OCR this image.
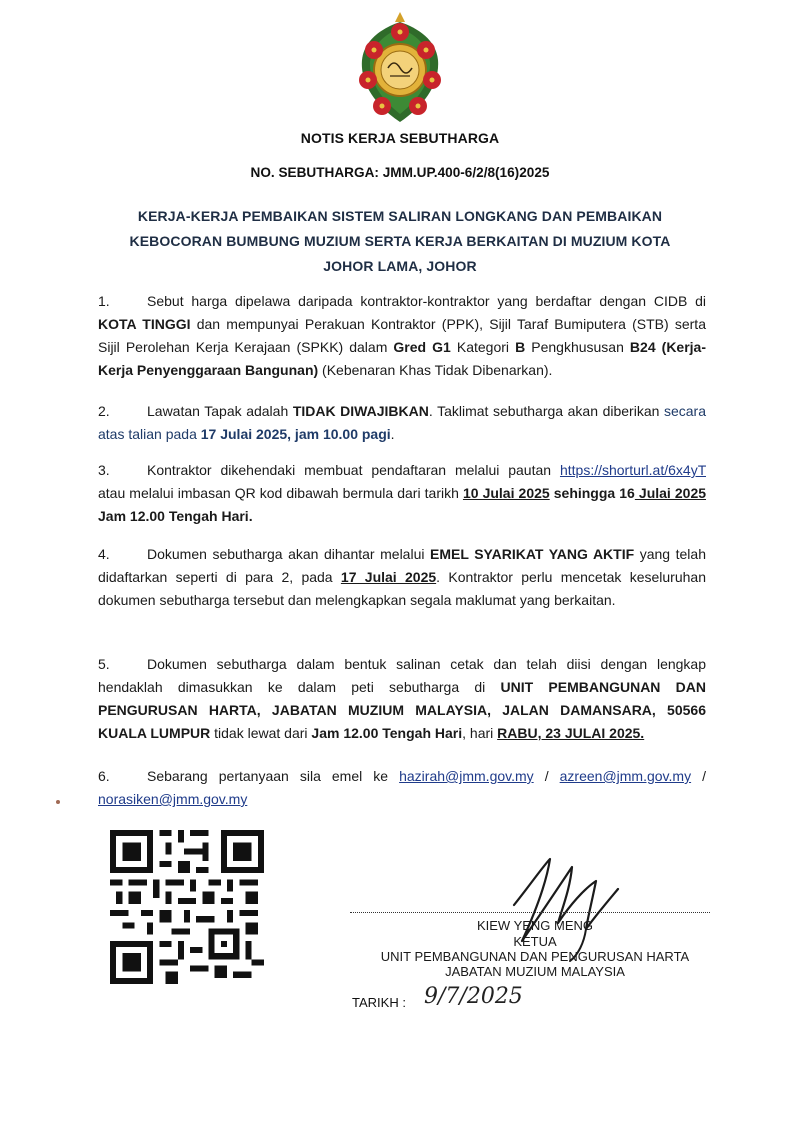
NOTIS KERJA SEBUTHARGA
NO. SEBUTHARGA: JMM.UP.400-6/2/8(16)2025
KERJA-KERJA PEMBAIKAN SISTEM SALIRAN LONGKANG DAN PEMBAIKAN
KEBOCORAN BUMBUNG MUZIUM SERTA KERJA BERKAITAN DI MUZIUM KOTA
JOHOR LAMA, JOHOR
1.	Sebut harga dipelawa daripada kontraktor-kontraktor yang berdaftar dengan CIDB di KOTA TINGGI dan mempunyai Perakuan Kontraktor (PPK), Sijil Taraf Bumiputera (STB) serta Sijil Perolehan Kerja Kerajaan (SPKK) dalam Gred G1 Kategori B Pengkhususan B24 (Kerja-Kerja Penyenggaraan Bangunan) (Kebenaran Khas Tidak Dibenarkan).
2.	Lawatan Tapak adalah TIDAK DIWAJIBKAN. Taklimat sebutharga akan diberikan secara atas talian pada 17 Julai 2025, jam 10.00 pagi.
3.	Kontraktor dikehendaki membuat pendaftaran melalui pautan https://shorturl.at/6x4yT atau melalui imbasan QR kod dibawah bermula dari tarikh 10 Julai 2025 sehingga 16 Julai 2025 Jam 12.00 Tengah Hari.
4.	Dokumen sebutharga akan dihantar melalui EMEL SYARIKAT YANG AKTIF yang telah didaftarkan seperti di para 2, pada 17 Julai 2025. Kontraktor perlu mencetak keseluruhan dokumen sebutharga tersebut dan melengkapkan segala maklumat yang berkaitan.
5.	Dokumen sebutharga dalam bentuk salinan cetak dan telah diisi dengan lengkap hendaklah dimasukkan ke dalam peti sebutharga di UNIT PEMBANGUNAN DAN PENGURUSAN HARTA, JABATAN MUZIUM MALAYSIA, JALAN DAMANSARA, 50566 KUALA LUMPUR tidak lewat dari Jam 12.00 Tengah Hari, hari RABU, 23 JULAI 2025.
6.	Sebarang pertanyaan sila emel ke hazirah@jmm.gov.my / azreen@jmm.gov.my / norasiken@jmm.gov.my
KIEW YENG MENG
KETUA
UNIT PEMBANGUNAN DAN PENGURUSAN HARTA
JABATAN MUZIUM MALAYSIA
TARIKH : 9/7/2025
